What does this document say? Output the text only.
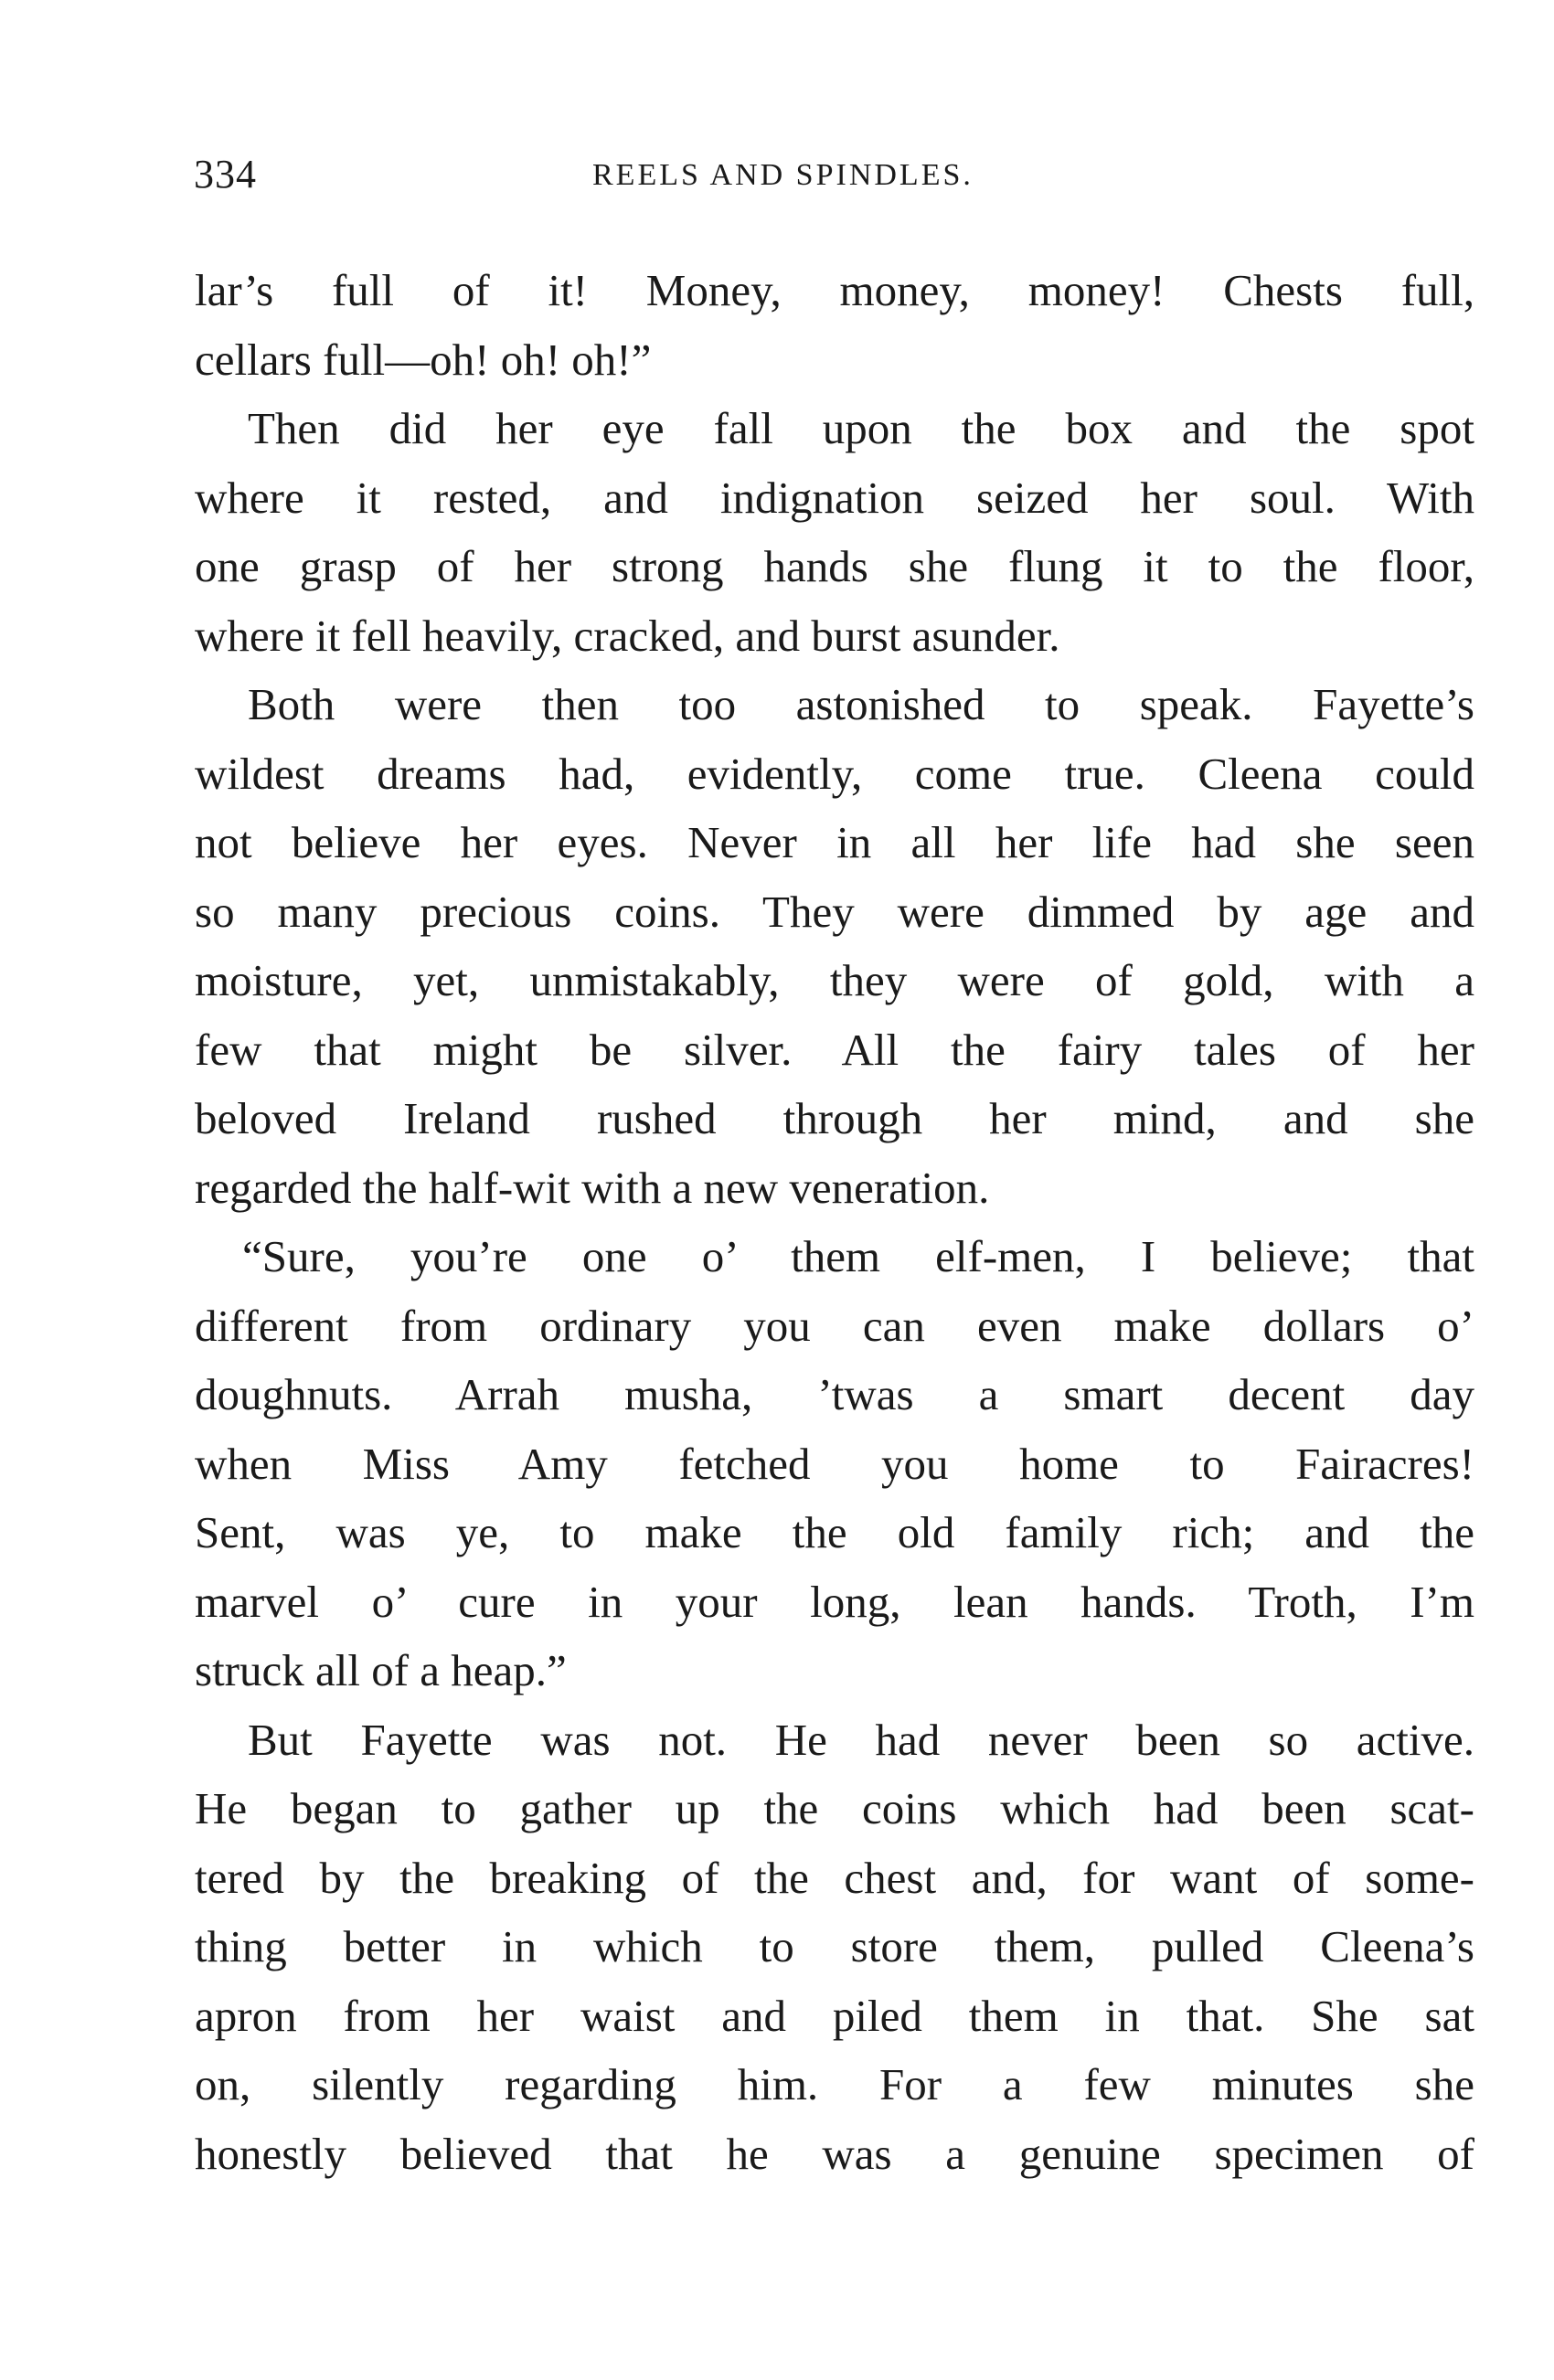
334	REELS AND SPINDLES.
lar’s full of it! Money, money, money! Chests full,
cellars full—oh! oh! oh!”
Then did her eye fall upon the box and the spot
where it rested, and indignation seized her soul. With
one grasp of her strong hands she flung it to the floor,
where it fell heavily, cracked, and burst asunder.
Both were then too astonished to speak. Fayette’s
wildest dreams had, evidently, come true. Cleena could
not believe her eyes. Never in all her life had she seen
so many precious coins. They were dimmed by age and
moisture, yet, unmistakably, they were of gold, with a
few that might be silver. All the fairy tales of her
beloved Ireland rushed through her mind, and she
regarded the half-wit with a new veneration.
“Sure, you’re one o’ them elf-men, I believe; that
different from ordinary you can even make dollars o’
doughnuts. Arrah musha, ’twas a smart decent day
when Miss Amy fetched you home to Fairacres!
Sent, was ye, to make the old family rich; and the
marvel o’ cure in your long, lean hands. Troth, I’m
struck all of a heap.”
But Fayette was not. He had never been so active.
He began to gather up the coins which had been scat-
tered by the breaking of the chest and, for want of some-
thing better in which to store them, pulled Cleena’s
apron from her waist and piled them in that. She sat
on, silently regarding him. For a few minutes she
honestly believed that he was a genuine specimen of
